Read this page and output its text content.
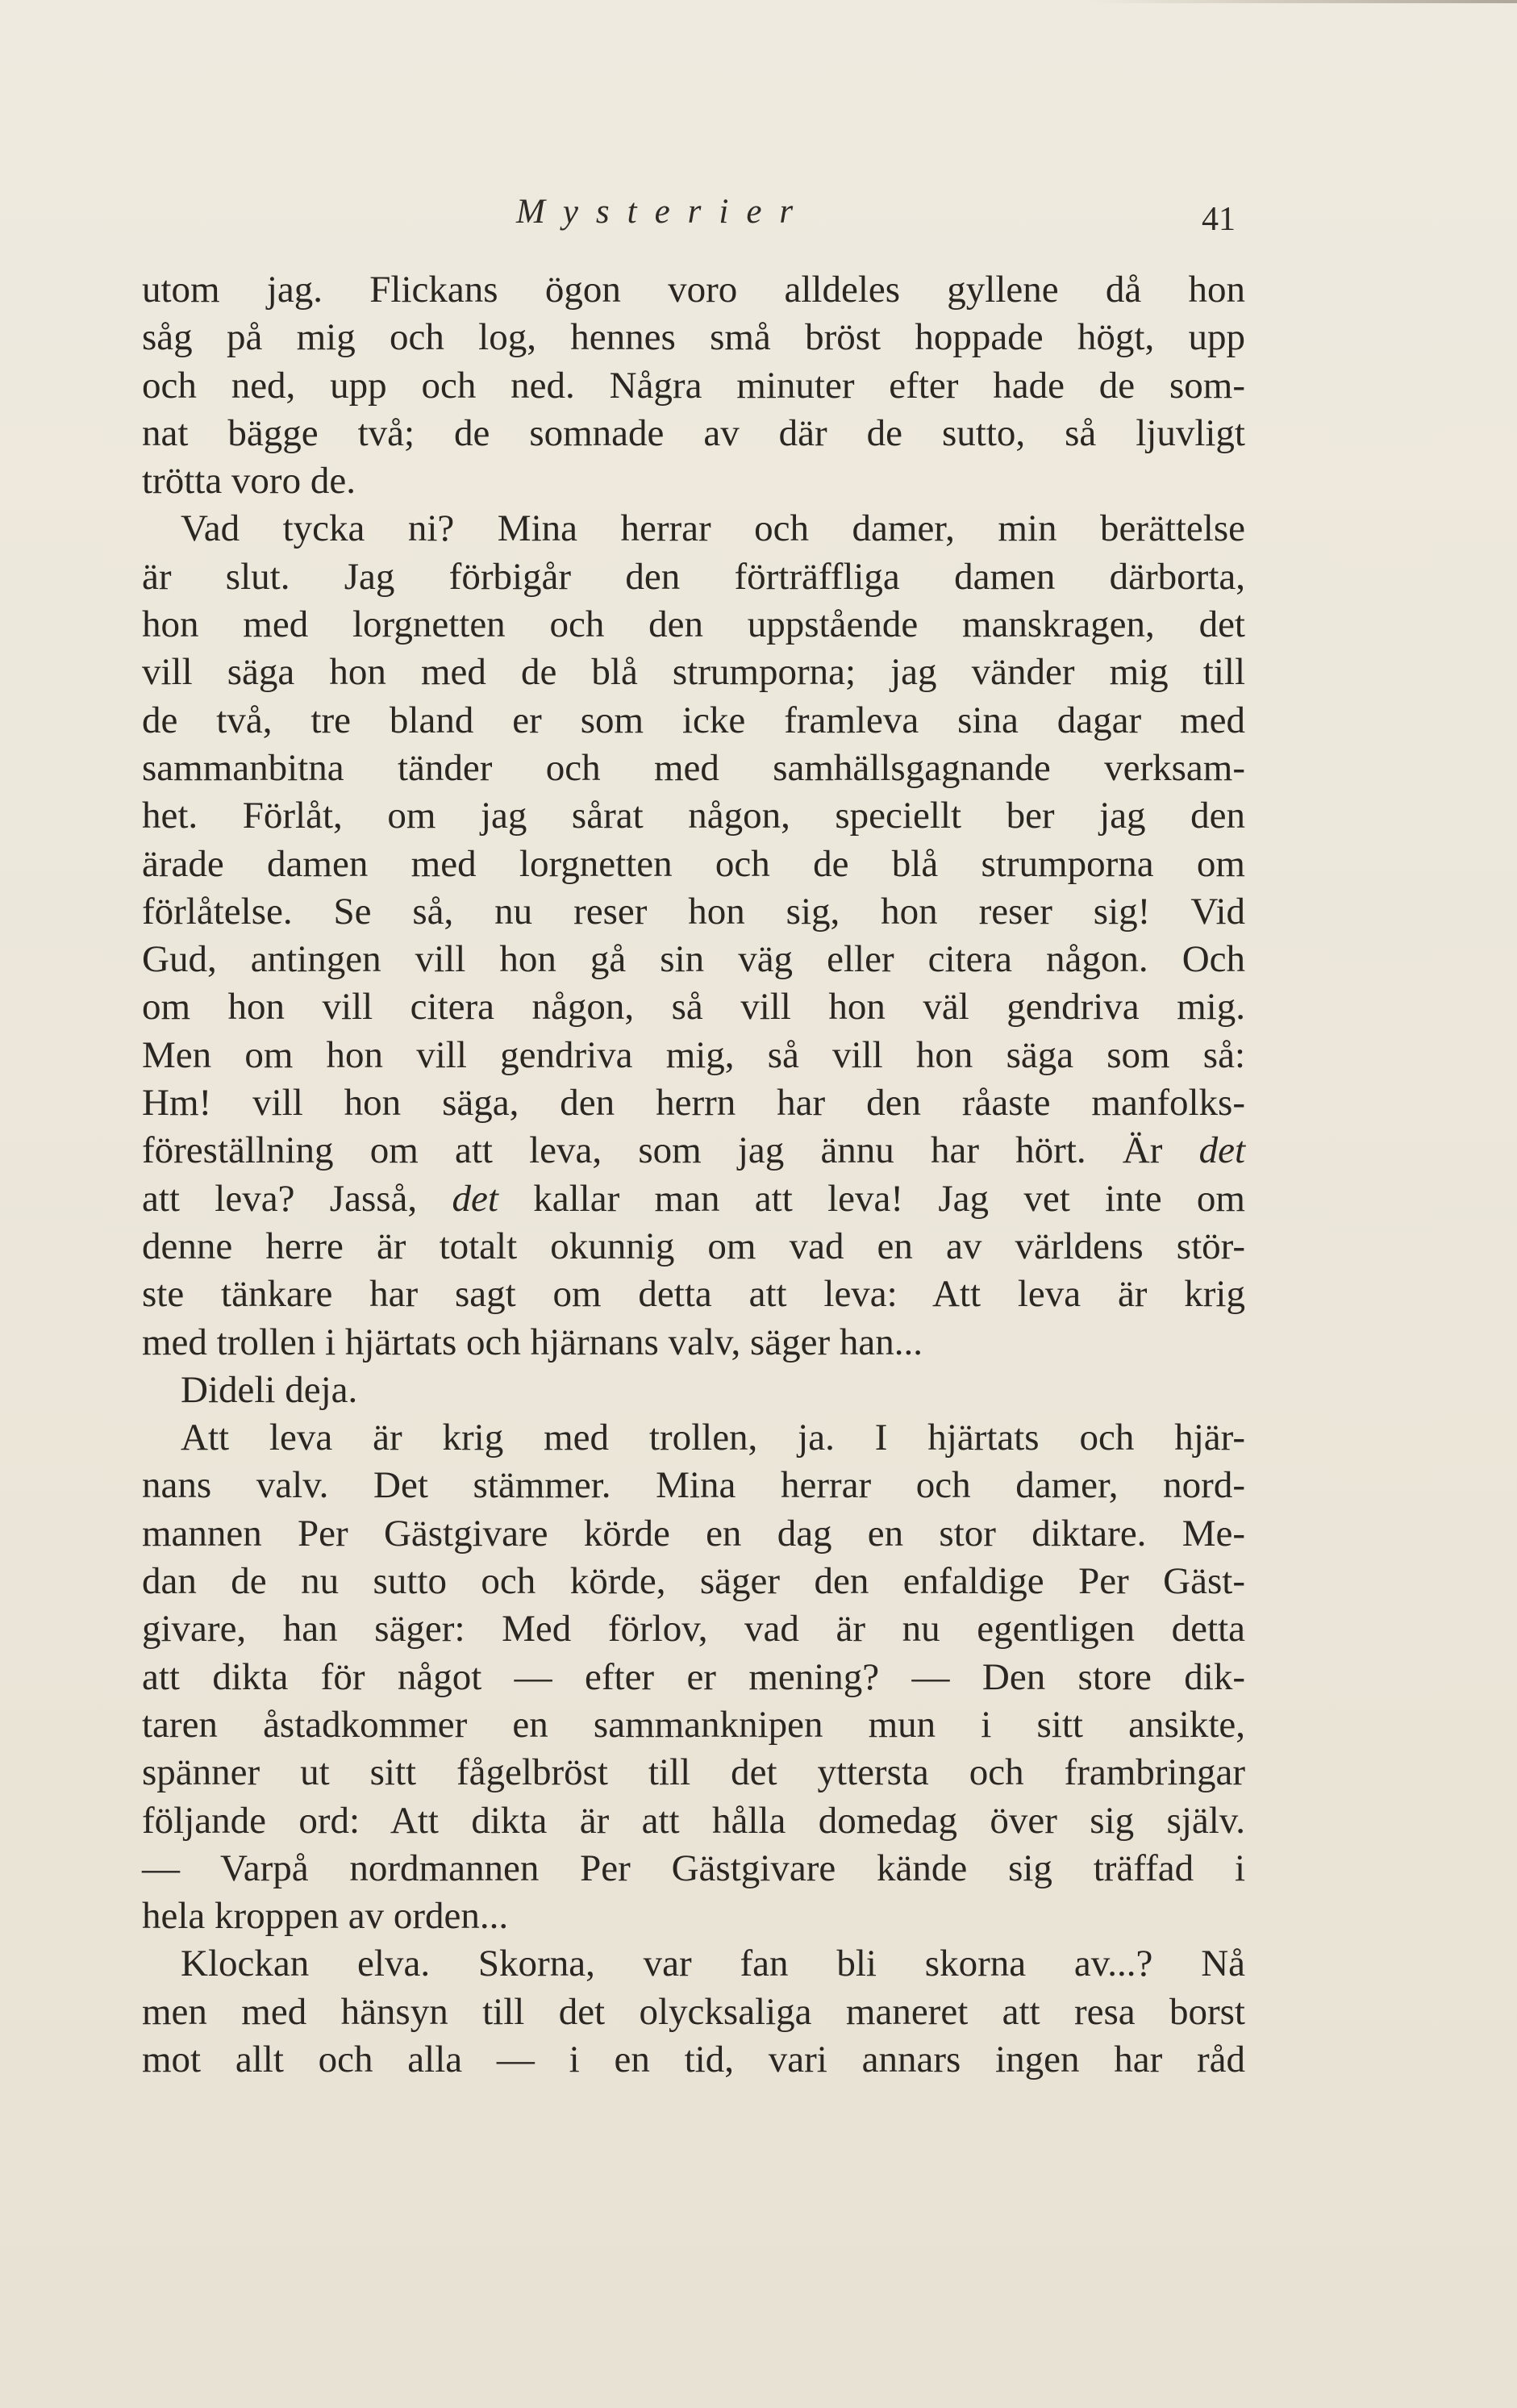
Mysterier	41
utom jag. Flickans ögon voro alldeles gyllene då hon
såg på mig och log, hennes små bröst hoppade högt, upp
och ned, upp och ned. Några minuter efter hade de som-
nat bägge två; de somnade av där de sutto, så ljuvligt
trötta voro de.
Vad tycka ni? Mina herrar och damer, min berättelse
är slut. Jag förbigår den förträffliga damen därborta,
hon med lorgnetten och den uppstående manskragen, det
vill säga hon med de blå strumporna; jag vänder mig till
de två, tre bland er som icke framleva sina dagar med
sammanbitna tänder och med samhällsgagnande verksam-
het. Förlåt, om jag sårat någon, speciellt ber jag den
ärade damen med lorgnetten och de blå strumporna om
förlåtelse. Se så, nu reser hon sig, hon reser sig! Vid
Gud, antingen vill hon gå sin väg eller citera någon. Och
om hon vill citera någon, så vill hon väl gendriva mig.
Men om hon vill gendriva mig, så vill hon säga som så:
Hm! vill hon säga, den herrn har den råaste manfolks-
föreställning om att leva, som jag ännu har hört. Är det
att leva? Jasså, det kallar man att leva! Jag vet inte om
denne herre är totalt okunnig om vad en av världens stör-
ste tänkare har sagt om detta att leva: Att leva är krig
med trollen i hjärtats och hjärnans valv, säger han...
Dideli deja.
Att leva är krig med trollen, ja. I hjärtats och hjär-
nans valv. Det stämmer. Mina herrar och damer, nord-
mannen Per Gästgivare körde en dag en stor diktare. Me-
dan de nu sutto och körde, säger den enfaldige Per Gäst-
givare, han säger: Med förlov, vad är nu egentligen detta
att dikta för något — efter er mening? — Den store dik-
taren åstadkommer en sammanknipen mun i sitt ansikte,
spänner ut sitt fågelbröst till det yttersta och frambringar
följande ord: Att dikta är att hålla domedag över sig själv.
— Varpå nordmannen Per Gästgivare kände sig träffad i
hela kroppen av orden...
Klockan elva. Skorna, var fan bli skorna av...? Nå
men med hänsyn till det olycksaliga maneret att resa borst
mot allt och alla — i en tid, vari annars ingen har råd
